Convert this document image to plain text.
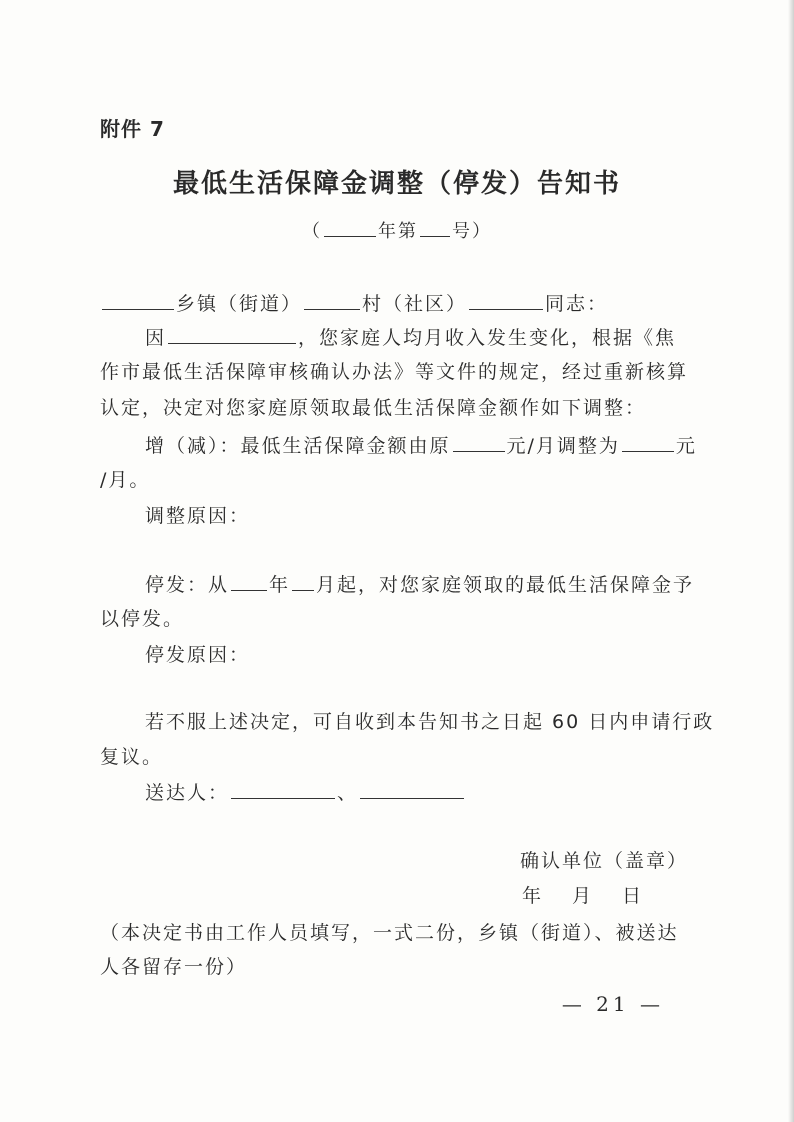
附件 7
最低生活保障金调整（停发）告知书
（	年第 号）
乡镇（街道）	村（社区）	同志：
因	，您家庭人均月收入发生变化，根据《焦
作市最低生活保障审核确认办法》等文件的规定，经过重新核算
认定，决定对您家庭原领取最低生活保障金额作如下调整：
增（减）：最低生活保障金额由原	元/月调整为	元
/月。
调整原因：
停发：从 年 月起，对您家庭领取的最低生活保障金予
以停发。
停发原因：
若不服上述决定，可自收到本告知书之日起 60 日内申请行政
复议。
送达人：	、
确认单位（盖章）
年　月　日
（本决定书由工作人员填写，一式二份，乡镇（街道）、被送达
人各留存一份）
— 21 —
